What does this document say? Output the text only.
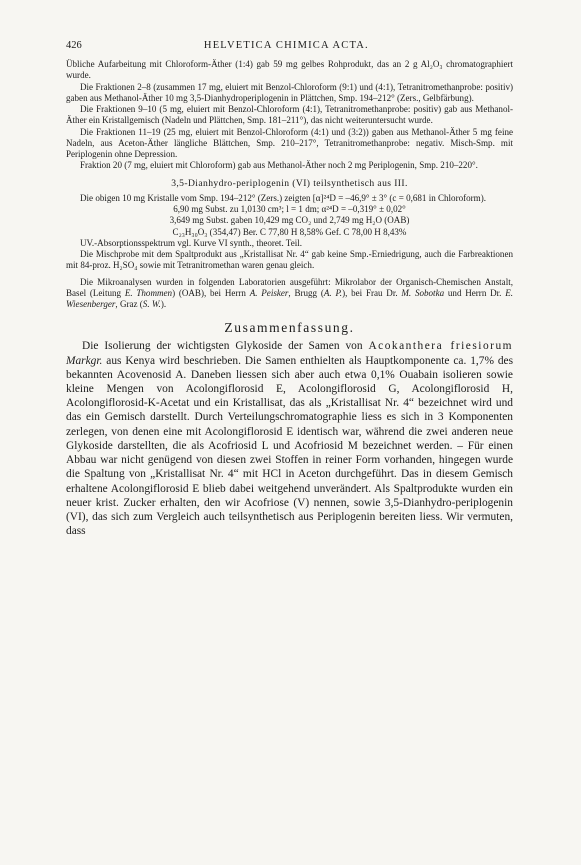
426	HELVETICA CHIMICA ACTA.

Übliche Aufarbeitung mit Chloroform-Äther (1:4) gab 59 mg gelbes Rohprodukt, das an 2 g Al₂O₃ chromatographiert wurde.

Die Fraktionen 2–8 (zusammen 17 mg, eluiert mit Benzol-Chloroform (9:1) und (4:1), Tetranitromethanprobe: positiv) gaben aus Methanol-Äther 10 mg 3,5-Dianhydroperiplogenin in Plättchen, Smp. 194–212° (Zers., Gelbfärbung).

Die Fraktionen 9–10 (5 mg, eluiert mit Benzol-Chloroform (4:1), Tetranitromethanprobe: positiv) gab aus Methanol-Äther ein Kristallgemisch (Nadeln und Plättchen, Smp. 181–211°), das nicht weiteruntersucht wurde.

Die Fraktionen 11–19 (25 mg, eluiert mit Benzol-Chloroform (4:1) und (3:2)) gaben aus Methanol-Äther 5 mg feine Nadeln, aus Aceton-Äther längliche Blättchen, Smp. 210–217°, Tetranitromethanprobe: negativ. Misch-Smp. mit Periplogenin ohne Depression.

Fraktion 20 (7 mg, eluiert mit Chloroform) gab aus Methanol-Äther noch 2 mg Periplogenin, Smp. 210–220°.

3,5-Dianhydro-periplogenin (VI) teilsynthetisch aus III.

Die obigen 10 mg Kristalle vom Smp. 194–212° (Zers.) zeigten [α]²⁴D = –46,9° ± 3° (c = 0,681 in Chloroform).

6,90 mg Subst. zu 1,0130 cm³; l = 1 dm; α²⁴D = –0,319° ± 0,02°
3,649 mg Subst. gaben 10,429 mg CO₂ und 2,749 mg H₂O (OAB)
C₂₃H₃₀O₃ (354,47) Ber. C 77,80 H 8,58% Gef. C 78,00 H 8,43%

UV.-Absorptionsspektrum vgl. Kurve VI synth., theoret. Teil.

Die Mischprobe mit dem Spaltprodukt aus „Kristallisat Nr. 4“ gab keine Smp.-Erniedrigung, auch die Farbreaktionen mit 84-proz. H₂SO₄ sowie mit Tetranitromethan waren genau gleich.

Die Mikroanalysen wurden in folgenden Laboratorien ausgeführt: Mikrolabor der Organisch-Chemischen Anstalt, Basel (Leitung E. Thommen) (OAB), bei Herrn A. Peisker, Brugg (A. P.), bei Frau Dr. M. Sobotka und Herrn Dr. E. Wiesenberger, Graz (S. W.).

Zusammenfassung.

Die Isolierung der wichtigsten Glykoside der Samen von Acokanthera friesiorum Markgr. aus Kenya wird beschrieben. Die Samen enthielten als Hauptkomponente ca. 1,7% des bekannten Acovenosid A. Daneben liessen sich aber auch etwa 0,1% Ouabain isolieren sowie kleine Mengen von Acolongiflorosid E, Acolongiflorosid G, Acolongiflorosid H, Acolongiflorosid-K-Acetat und ein Kristallisat, das als „Kristallisat Nr. 4“ bezeichnet wird und das ein Gemisch darstellt. Durch Verteilungschromatographie liess es sich in 3 Komponenten zerlegen, von denen eine mit Acolongiflorosid E identisch war, während die zwei anderen neue Glykoside darstellten, die als Acofriosid L und Acofriosid M bezeichnet werden. – Für einen Abbau war nicht genügend von diesen zwei Stoffen in reiner Form vorhanden, hingegen wurde die Spaltung von „Kristallisat Nr. 4“ mit HCl in Aceton durchgeführt. Das in diesem Gemisch erhaltene Acolongiflorosid E blieb dabei weitgehend unverändert. Als Spaltprodukte wurden ein neuer krist. Zucker erhalten, den wir Acofriose (V) nennen, sowie 3,5-Dianhydro-periplogenin (VI), das sich zum Vergleich auch teilsynthetisch aus Periplogenin bereiten liess. Wir vermuten, dass
